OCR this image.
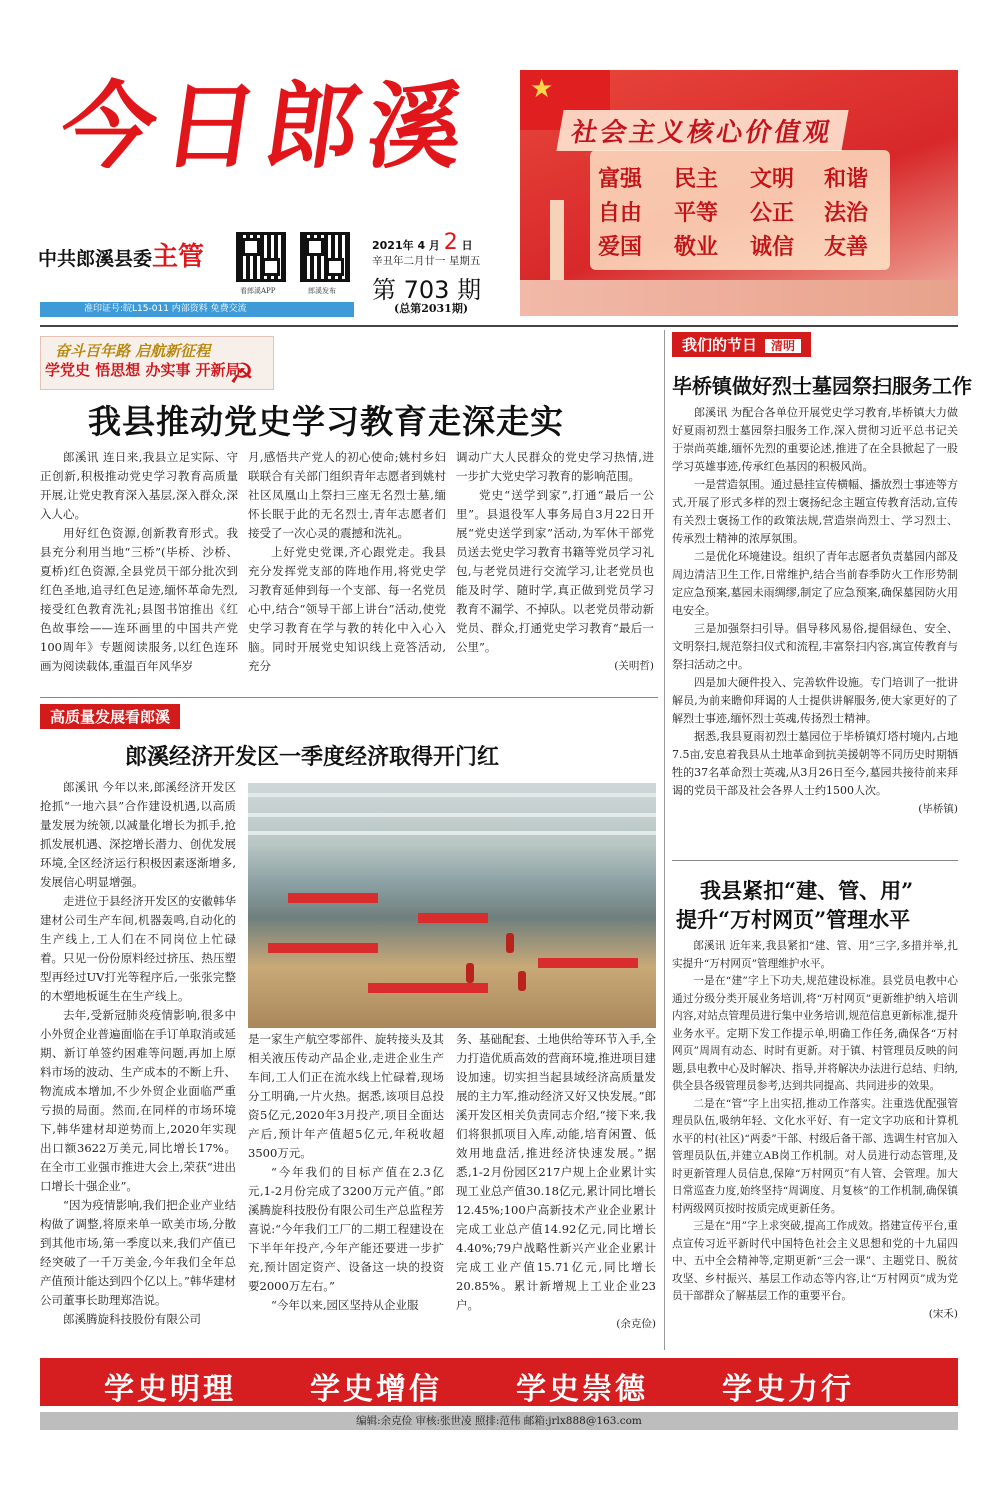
今日郎溪
中共郎溪县委主管
看郎溪APP	郎溪发布
准印证号:皖L15-011 内部资料 免费交流
2021年 4 月 2 日
辛丑年二月廿一 星期五
第 703 期
(总第2031期)
★
社会主义核心价值观
富强 民主 文明 和谐
自由 平等 公正 法治
爱国 敬业 诚信 友善
奋斗百年路 启航新征程
学党史 悟思想 办实事 开新局
☭
我县推动党史学习教育走深走实

郎溪讯 连日来,我县立足实际、守正创新,积极推动党史学习教育高质量开展,让党史教育深入基层,深入群众,深入人心。

用好红色资源,创新教育形式。我县充分利用当地“三桥”(毕桥、沙桥、夏桥)红色资源,全县党员干部分批次到红色圣地,追寻红色足迹,缅怀革命先烈,接受红色教育洗礼;县图书馆推出《红色故事绘——连环画里的中国共产党100周年》专题阅读服务,以红色连环画为阅读载体,重温百年风华岁

月,感悟共产党人的初心使命;姚村乡妇联联合有关部门组织青年志愿者到姚村社区凤凰山上祭扫三座无名烈士墓,缅怀长眠于此的无名烈士,青年志愿者们接受了一次心灵的震撼和洗礼。

上好党史党课,齐心跟党走。我县充分发挥党支部的阵地作用,将党史学习教育延伸到每一个支部、每一名党员心中,结合“领导干部上讲台”活动,使党史学习教育在学与教的转化中入心入脑。同时开展党史知识线上竞答活动,充分

调动广大人民群众的党史学习热情,进一步扩大党史学习教育的影响范围。

党史“送学到家”,打通“最后一公里”。县退役军人事务局自3月22日开展“党史送学到家”活动,为军休干部党员送去党史学习教育书籍等党员学习礼包,与老党员进行交流学习,让老党员也能及时学、随时学,真正做到党员学习教育不漏学、不掉队。以老党员带动新党员、群众,打通党史学习教育“最后一公里”。

(关明哲)
高质量发展看郎溪
郎溪经济开发区一季度经济取得开门红

郎溪讯 今年以来,郎溪经济开发区抢抓“一地六县”合作建设机遇,以高质量发展为统领,以减量化增长为抓手,抢抓发展机遇、深挖增长潜力、创优发展环境,全区经济运行积极因素逐渐增多,发展信心明显增强。

走进位于县经济开发区的安徽韩华建材公司生产车间,机器轰鸣,自动化的生产线上,工人们在不同岗位上忙碌着。只见一份份原料经过挤压、热压塑型再经过UV打光等程序后,一张张完整的木塑地板诞生在生产线上。

去年,受新冠肺炎疫情影响,很多中小外贸企业普遍面临在手订单取消或延期、新订单签约困难等问题,再加上原料市场的波动、生产成本的不断上升、物流成本增加,不少外贸企业面临严重亏损的局面。然而,在同样的市场环境下,韩华建材却逆势而上,2020年实现出口额3622万美元,同比增长17%。在全市工业强市推进大会上,荣获“进出口增长十强企业”。

“因为疫情影响,我们把企业产业结构做了调整,将原来单一欧美市场,分散到其他市场,第一季度以来,我们产值已经突破了一千万美金,今年我们全年总产值预计能达到四个亿以上。”韩华建材公司董事长助理郑浩说。

郎溪腾旋科技股份有限公司

是一家生产航空零部件、旋转接头及其相关液压传动产品企业,走进企业生产车间,工人们正在流水线上忙碌着,现场分工明确,一片火热。据悉,该项目总投资5亿元,2020年3月投产,项目全面达产后,预计年产值超5亿元,年税收超3500万元。

“今年我们的目标产值在2.3亿元,1-2月份完成了3200万元产值。”郎溪腾旋科技股份有限公司生产总监程芳喜说:“今年我们工厂的二期工程建设在下半年年投产,今年产能还要进一步扩充,预计固定资产、设备这一块的投资要2000万左右。”

“今年以来,园区坚持从企业服

务、基础配套、土地供给等环节入手,全力打造优质高效的营商环境,推进项目建设加速。切实担当起县域经济高质量发展的主力军,推动经济又好又快发展。”郎溪开发区相关负责同志介绍,“接下来,我们将狠抓项目入库,动能,培育闲置、低效用地盘活,推进经济快速发展。”据悉,1-2月份园区217户规上企业累计实现工业总产值30.18亿元,累计同比增长12.45%;100户高新技术产业企业累计完成工业总产值14.92亿元,同比增长4.40%;79户战略性新兴产业企业累计完成工业产值15.71亿元,同比增长20.85%。累计新增规上工业企业23户。

(余克俭)
我们的节日 清明
毕桥镇做好烈士墓园祭扫服务工作

郎溪讯 为配合各单位开展党史学习教育,毕桥镇大力做好夏雨初烈士墓园祭扫服务工作,深入贯彻习近平总书记关于崇尚英雄,缅怀先烈的重要论述,推进了在全县掀起了一股学习英雄事迹,传承红色基因的积极风尚。

一是营造氛围。通过悬挂宣传横幅、播放烈士事迹等方式,开展了形式多样的烈士褒扬纪念主题宣传教育活动,宣传有关烈士褒扬工作的政策法规,营造崇尚烈士、学习烈士、传承烈士精神的浓厚氛围。

二是优化环境建设。组织了青年志愿者负责墓园内部及周边清洁卫生工作,日常维护,结合当前春季防火工作形势制定应急预案,墓园未雨绸缪,制定了应急预案,确保墓园防火用电安全。

三是加强祭扫引导。倡导移风易俗,提倡绿色、安全、文明祭扫,规范祭扫仪式和流程,丰富祭扫内容,寓宣传教育与祭扫活动之中。

四是加大硬件投入、完善软件设施。专门培训了一批讲解员,为前来瞻仰拜谒的人士提供讲解服务,使大家更好的了解烈士事迹,缅怀烈士英魂,传扬烈士精神。

据悉,我县夏雨初烈士墓园位于毕桥镇灯塔村境内,占地7.5亩,安息着我县从土地革命到抗美援朝等不同历史时期牺牲的37名革命烈士英魂,从3月26日至今,墓园共接待前来拜谒的党员干部及社会各界人士约1500人次。

(毕桥镇)
我县紧扣“建、管、用”
提升“万村网页”管理水平

郎溪讯 近年来,我县紧扣“建、管、用”三字,多措并举,扎实提升“万村网页”管理维护水平。

一是在“建”字上下功夫,规范建设标准。县党员电教中心通过分级分类开展业务培训,将“万村网页”更新维护纳入培训内容,对站点管理员进行集中业务培训,规范信息更新标准,提升业务水平。定期下发工作提示单,明确工作任务,确保各“万村网页”周周有动态、时时有更新。对于镇、村管理员反映的问题,县电教中心及时解决、指导,并将解决办法进行总结、归纳,供全县各级管理员参考,达到共同提高、共同进步的效果。

二是在“管”字上出实招,推动工作落实。注重选优配强管理员队伍,吸纳年轻、文化水平好、有一定文字功底和计算机水平的村(社区)“两委”干部、村级后备干部、选调生村官加入管理员队伍,并建立AB岗工作机制。对人员进行动态管理,及时更新管理人员信息,保障“万村网页”有人管、会管理。加大日常巡查力度,始终坚持“周调度、月复核”的工作机制,确保镇村两级网页按时按质完成更新任务。

三是在“用”字上求突破,提高工作成效。搭建宣传平台,重点宣传习近平新时代中国特色社会主义思想和党的十九届四中、五中全会精神等,定期更新“三会一课”、主题党日、脱贫攻坚、乡村振兴、基层工作动态等内容,让“万村网页”成为党员干部群众了解基层工作的重要平台。

(宋禾)
学史明理 学史增信 学史崇德 学史力行
编辑:余克俭 审核:张世凌 照排:范伟 邮箱:jrlx888@163.com
